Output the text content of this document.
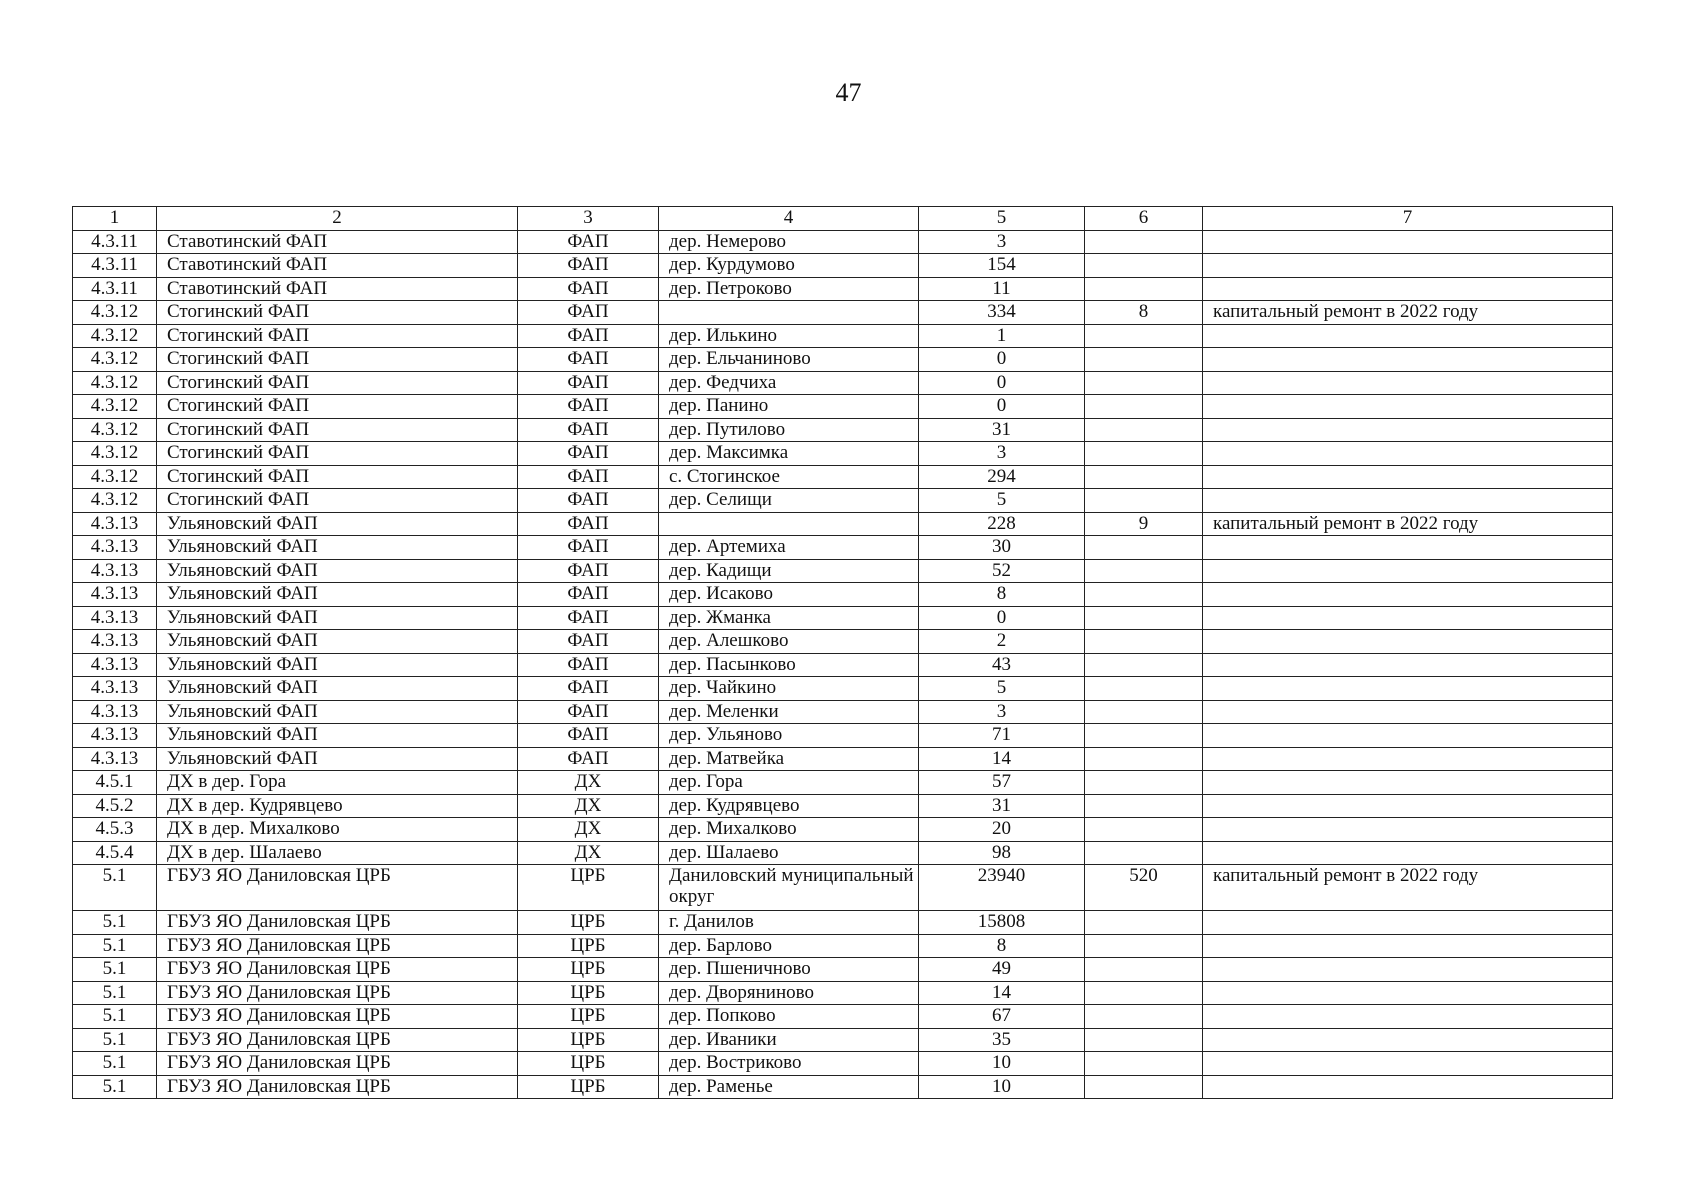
47
1	2	3	4	5	6	7
4.3.11	Ставотинский ФАП	ФАП	дер. Немерово	3		
4.3.11	Ставотинский ФАП	ФАП	дер. Курдумово	154		
4.3.11	Ставотинский ФАП	ФАП	дер. Петроково	11		
4.3.12	Стогинский ФАП	ФАП		334	8	капитальный ремонт в 2022 году
4.3.12	Стогинский ФАП	ФАП	дер. Илькино	1		
4.3.12	Стогинский ФАП	ФАП	дер. Ельчаниново	0		
4.3.12	Стогинский ФАП	ФАП	дер. Федчиха	0		
4.3.12	Стогинский ФАП	ФАП	дер. Панино	0		
4.3.12	Стогинский ФАП	ФАП	дер. Путилово	31		
4.3.12	Стогинский ФАП	ФАП	дер. Максимка	3		
4.3.12	Стогинский ФАП	ФАП	с. Стогинское	294		
4.3.12	Стогинский ФАП	ФАП	дер. Селищи	5		
4.3.13	Ульяновский ФАП	ФАП		228	9	капитальный ремонт в 2022 году
4.3.13	Ульяновский ФАП	ФАП	дер. Артемиха	30		
4.3.13	Ульяновский ФАП	ФАП	дер. Кадищи	52		
4.3.13	Ульяновский ФАП	ФАП	дер. Исаково	8		
4.3.13	Ульяновский ФАП	ФАП	дер. Жманка	0		
4.3.13	Ульяновский ФАП	ФАП	дер. Алешково	2		
4.3.13	Ульяновский ФАП	ФАП	дер. Пасынково	43		
4.3.13	Ульяновский ФАП	ФАП	дер. Чайкино	5		
4.3.13	Ульяновский ФАП	ФАП	дер. Меленки	3		
4.3.13	Ульяновский ФАП	ФАП	дер. Ульяново	71		
4.3.13	Ульяновский ФАП	ФАП	дер. Матвейка	14		
4.5.1	ДХ в дер. Гора	ДХ	дер. Гора	57		
4.5.2	ДХ в дер. Кудрявцево	ДХ	дер. Кудрявцево	31		
4.5.3	ДХ в дер. Михалково	ДХ	дер. Михалково	20		
4.5.4	ДХ в дер. Шалаево	ДХ	дер. Шалаево	98		
5.1	ГБУЗ ЯО Даниловская ЦРБ	ЦРБ	Даниловский муниципальный округ	23940	520	капитальный ремонт в 2022 году
5.1	ГБУЗ ЯО Даниловская ЦРБ	ЦРБ	г. Данилов	15808		
5.1	ГБУЗ ЯО Даниловская ЦРБ	ЦРБ	дер. Барлово	8		
5.1	ГБУЗ ЯО Даниловская ЦРБ	ЦРБ	дер. Пшеничново	49		
5.1	ГБУЗ ЯО Даниловская ЦРБ	ЦРБ	дер. Дворяниново	14		
5.1	ГБУЗ ЯО Даниловская ЦРБ	ЦРБ	дер. Попково	67		
5.1	ГБУЗ ЯО Даниловская ЦРБ	ЦРБ	дер. Иваники	35		
5.1	ГБУЗ ЯО Даниловская ЦРБ	ЦРБ	дер. Востриково	10		
5.1	ГБУЗ ЯО Даниловская ЦРБ	ЦРБ	дер. Раменье	10		
